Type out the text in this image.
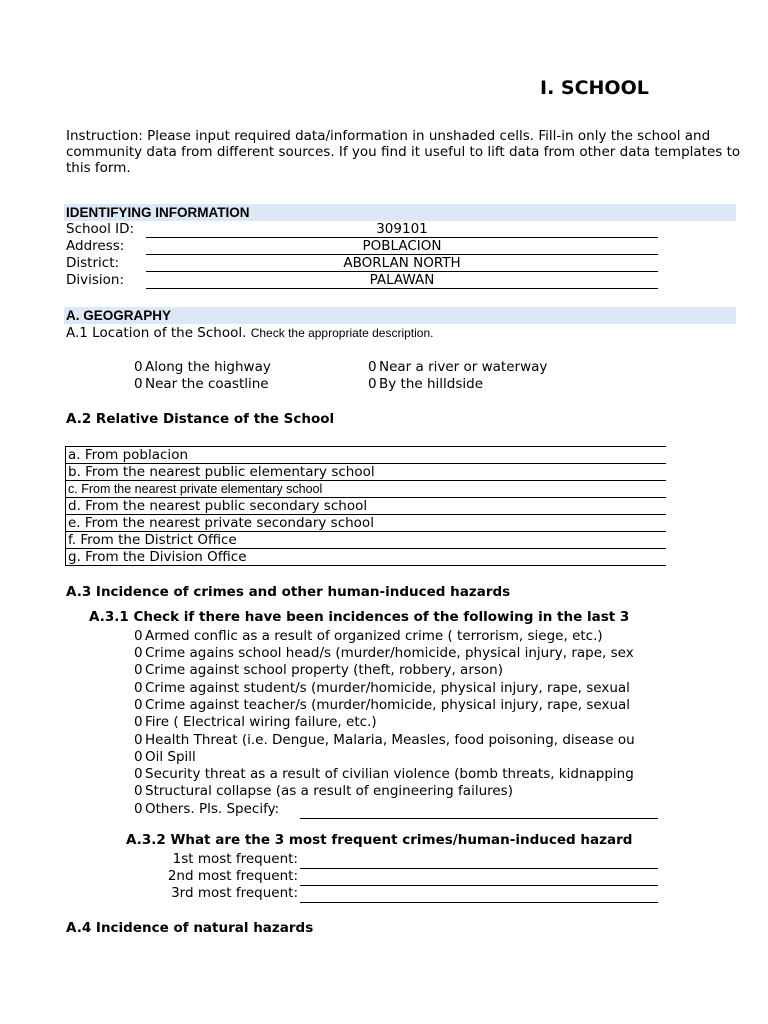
I. SCHOOL
Instruction: Please input required data/information in unshaded cells. Fill-in only the school and community data from different sources. If you find it useful to lift data from other data templates to this form.
IDENTIFYING INFORMATION
School ID:	309101
Address:	POBLACION
District:	ABORLAN NORTH
Division:	PALAWAN
A. GEOGRAPHY
A.1 Location of the School. Check the appropriate description.
0 Along the highway	0 Near a river or waterway
0 Near the coastline	0 By the hilldside
A.2 Relative Distance of the School
a. From poblacion
b. From the nearest public elementary school
c. From the nearest private elementary school
d. From the nearest public secondary school
e. From the nearest private secondary school
f. From the District Office
g. From the Division Office
A.3 Incidence of crimes and other human-induced hazards
A.3.1 Check if there have been incidences of the following in the last 3
0 Armed conflic as a result of organized crime ( terrorism, siege, etc.)
0 Crime agains school head/s (murder/homicide, physical injury, rape, sex
0 Crime against school property (theft, robbery, arson)
0 Crime against student/s (murder/homicide, physical injury, rape, sexual
0 Crime against teacher/s (murder/homicide, physical injury, rape, sexual
0 Fire ( Electrical wiring failure, etc.)
0 Health Threat (i.e. Dengue, Malaria, Measles, food poisoning, disease ou
0 Oil Spill
0 Security threat as a result of civilian violence (bomb threats, kidnapping
0 Structural collapse (as a result of engineering failures)
0 Others. Pls. Specify:
A.3.2 What are the 3 most frequent crimes/human-induced hazard
1st most frequent:
2nd most frequent:
3rd most frequent:
A.4 Incidence of natural hazards
